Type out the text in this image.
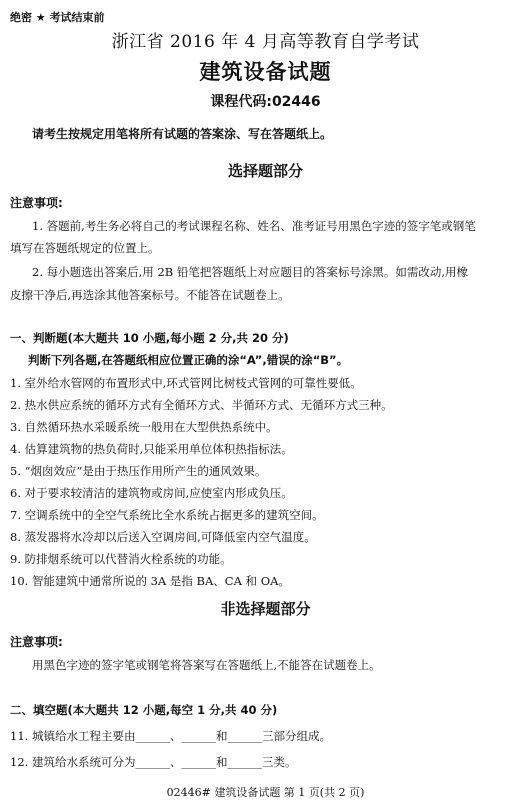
绝密 ★ 考试结束前
浙江省 2016 年 4 月高等教育自学考试
建筑设备试题
课程代码:02446
请考生按规定用笔将所有试题的答案涂、写在答题纸上。
选择题部分
注意事项:
1. 答题前,考生务必将自己的考试课程名称、姓名、准考证号用黑色字迹的签字笔或钢笔
填写在答题纸规定的位置上。
2. 每小题选出答案后,用 2B 铅笔把答题纸上对应题目的答案标号涂黑。如需改动,用橡
皮擦干净后,再选涂其他答案标号。不能答在试题卷上。
一、判断题(本大题共 10 小题,每小题 2 分,共 20 分)
判断下列各题,在答题纸相应位置正确的涂“A”,错误的涂“B”。
1. 室外给水管网的布置形式中,环式管网比树枝式管网的可靠性要低。
2. 热水供应系统的循环方式有全循环方式、半循环方式、无循环方式三种。
3. 自然循环热水采暖系统一般用在大型供热系统中。
4. 估算建筑物的热负荷时,只能采用单位体积热指标法。
5. “烟囱效应”是由于热压作用所产生的通风效果。
6. 对于要求较清洁的建筑物或房间,应使室内形成负压。
7. 空调系统中的全空气系统比全水系统占据更多的建筑空间。
8. 蒸发器将水冷却以后送入空调房间,可降低室内空气温度。
9. 防排烟系统可以代替消火栓系统的功能。
10. 智能建筑中通常所说的 3A 是指 BA、CA 和 OA。
非选择题部分
注意事项:
用黑色字迹的签字笔或钢笔将答案写在答题纸上,不能答在试题卷上。
二、填空题(本大题共 12 小题,每空 1 分,共 40 分)
11. 城镇给水工程主要由______、______和______三部分组成。
12. 建筑给水系统可分为______、______和______三类。
02446# 建筑设备试题 第 1 页(共 2 页)
